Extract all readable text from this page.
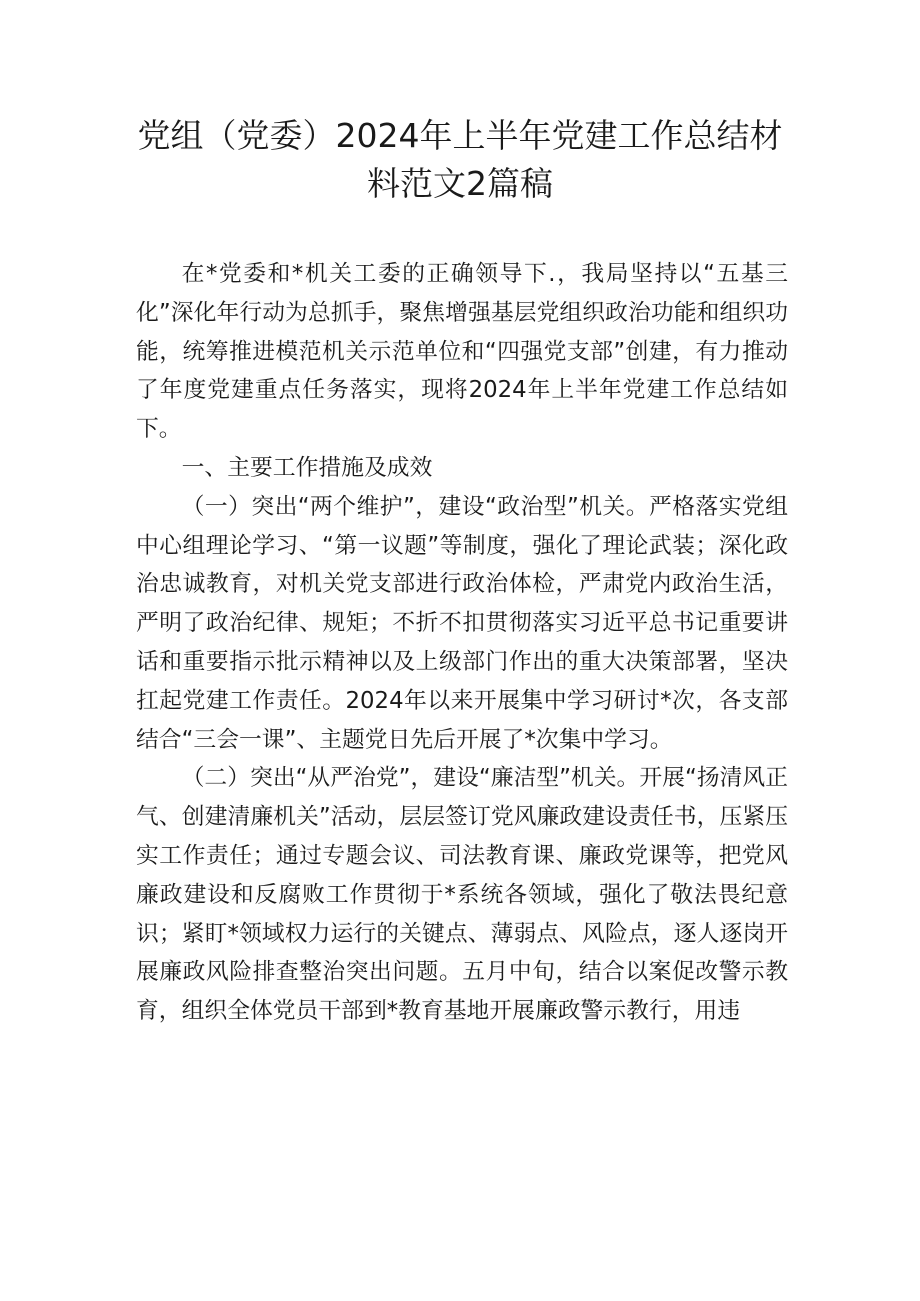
党组（党委）2024年上半年党建工作总结材料范文2篇稿

在*党委和*机关工委的正确领导下.，我局坚持以“五基三化”深化年行动为总抓手，聚焦增强基层党组织政治功能和组织功能，统筹推进模范机关示范单位和“四强党支部”创建，有力推动了年度党建重点任务落实，现将2024年上半年党建工作总结如下。

一、主要工作措施及成效

（一）突出“两个维护”，建设“政治型”机关。严格落实党组中心组理论学习、“第一议题”等制度，强化了理论武装；深化政治忠诚教育，对机关党支部进行政治体检，严肃党内政治生活，严明了政治纪律、规矩；不折不扣贯彻落实习近平总书记重要讲话和重要指示批示精神以及上级部门作出的重大决策部署，坚决扛起党建工作责任。2024年以来开展集中学习研讨*次，各支部结合“三会一课”、主题党日先后开展了*次集中学习。

（二）突出“从严治党”，建设“廉洁型”机关。开展“扬清风正气、创建清廉机关”活动，层层签订党风廉政建设责任书，压紧压实工作责任；通过专题会议、司法教育课、廉政党课等，把党风廉政建设和反腐败工作贯彻于*系统各领域，强化了敬法畏纪意识；紧盯*领域权力运行的关键点、薄弱点、风险点，逐人逐岗开展廉政风险排查整治突出问题。五月中旬，结合以案促改警示教育，组织全体党员干部到*教育基地开展廉政警示教行，用违
